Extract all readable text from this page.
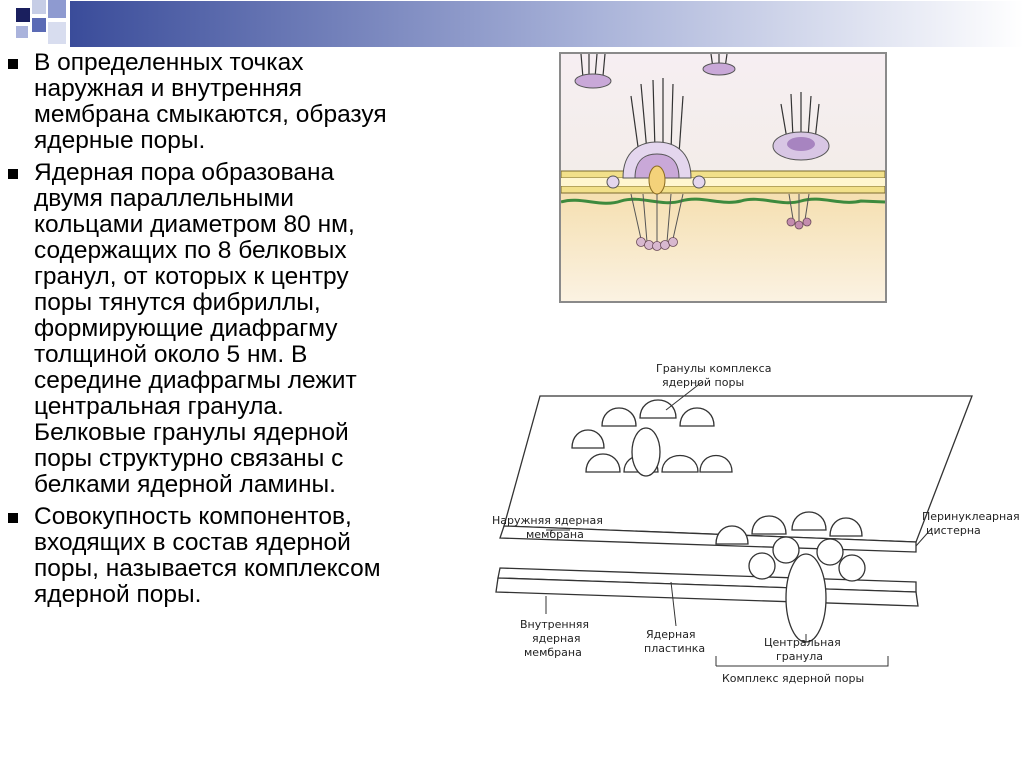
В определенных точках
наружная и внутренняя
мембрана смыкаются, образуя
ядерные поры.
Ядерная пора образована
двумя параллельными
кольцами диаметром 80 нм,
содержащих по 8 белковых
гранул, от которых к центру
поры тянутся фибриллы,
формирующие диафрагму
толщиной около 5 нм. В
середине диафрагмы лежит
центральная гранула.
Белковые гранулы ядерной
поры структурно связаны с
белками ядерной ламины.
Совокупность компонентов,
входящих в состав ядерной
поры, называется комплексом
ядерной поры.
Гранулы комплекса
ядерной поры
Наружняя ядерная
мембрана
Перинуклеарная
цистерна
Внутренняя
ядерная
мембрана
Ядерная
пластинка	Центральная
гранула
Комплекс ядерной поры
